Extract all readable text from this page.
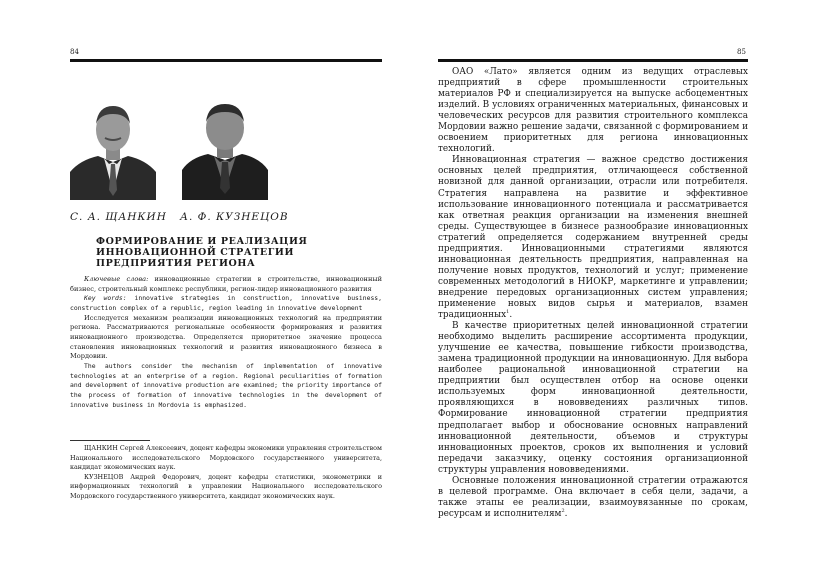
84
С. А. ЩАНКИН А. Ф. КУЗНЕЦОВ
ФОРМИРОВАНИЕ И РЕАЛИЗАЦИЯ
ИННОВАЦИОННОЙ СТРАТЕГИИ
ПРЕДПРИЯТИЯ РЕГИОНА

Ключевые слова: инновационные стратегии в строительстве, инновационный бизнес, строительный комплекс республики, регион-лидер инновационного развития

Key words: innovative strategies in construction, innovative business, construction complex of a republic, region leading in innovative development

Исследуется механизм реализации инновационных технологий на предприятии региона. Рассматриваются региональные особенности формирования и развития инновационного производства. Определяется приоритетное значение процесса становления инновационных технологий и развития инновационного бизнеса в Мордовии.

The authors consider the mechanism of implementation of innovative technologies at an enterprise of a region. Regional peculiarities of formation and development of innovative production are examined; the priority importance of the process of formation of innovative technologies in the development of innovative business in Mordovia is emphasized.

ЩАНКИН Сергей Алексеевич, доцент кафедры экономики управления строительством Национального исследовательского Мордовского государственного университета, кандидат экономических наук.

КУЗНЕЦОВ Андрей Федорович, доцент кафедры статистики, эконометрики и информационных технологий в управлении Национального исследовательского Мордовского государственного университета, кандидат экономических наук.

85

ОАО «Лато» является одним из ведущих отраслевых предприятий в сфере промышленности строительных материалов РФ и специализируется на выпуске асбоцементных изделий. В условиях ограниченных материальных, финансовых и человеческих ресурсов для развития строительного комплекса Мордовии важно решение задачи, связанной с формированием и освоением приоритетных для региона инновационных технологий.

Инновационная стратегия — важное средство достижения основных целей предприятия, отличающееся собственной новизной для данной организации, отрасли или потребителя. Стратегия направлена на развитие и эффективное использование инновационного потенциала и рассматривается как ответная реакция организации на изменения внешней среды. Существующее в бизнесе разнообразие инновационных стратегий определяется содержанием внутренней среды предприятия. Инновационными стратегиями являются инновационная деятельность предприятия, направленная на получение новых продуктов, технологий и услуг; применение современных методологий в НИОКР, маркетинге и управлении; внедрение передовых организационных систем управления; применение новых видов сырья и материалов, взамен традиционных$^1$.

В качестве приоритетных целей инновационной стратегии необходимо выделить расширение ассортимента продукции, улучшение ее качества, повышение гибкости производства, замена традиционной продукции на инновационную. Для выбора наиболее рациональной инновационной стратегии на предприятии был осуществлен отбор на основе оценки используемых форм инновационной деятельности, проявляющихся в нововведениях различных типов. Формирование инновационной стратегии предприятия предполагает выбор и обоснование основных направлений инновационной деятельности, объемов и структуры инновационных проектов, сроков их выполнения и условий передачи заказчику, оценку состояния организационной структуры управления нововведениями.

Основные положения инновационной стратегии отражаются в целевой программе. Она включает в себя цели, задачи, а также этапы ее реализации, взаимоувязанные по срокам, ресурсам и исполнителям$^2$.
